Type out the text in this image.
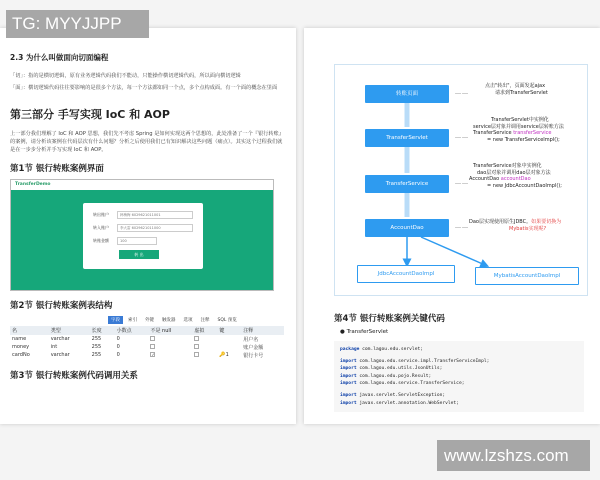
TG: MYYJJPP
www.lzshzs.com
2.3 为什么叫做面向切面编程
「切」：指的是横切逻辑，原有业务逻辑代码我们不能动，只能操作横切逻辑代码，所以面向横切逻辑
「面」：横切逻辑代码往往要影响的是很多个方法，每一个方法都如同一个点，多个点构成面。有一个面的概念在里面
第三部分 手写实现 IoC 和 AOP
上一部分我们理解了 IoC 和 AOP 思想，我们先不考虑 Spring 是如何实现这两个思想的，此处准备了一个『银行转账』的案例，请分析该案例在代码层次有什么问题？分析之后使用我们已有知识解决这些问题（痛点）。其实这个过程我们就是在一步步分析并手写实现 IoC 和 AOP。
第1节 银行转账案例界面
TransferDemo
转出账户	韩梅梅 6029621011001
转入账户	李大雷 6029621011000
转账金额	100
转 出
第2节 银行转账案例表结构
字段	索引	外键	触发器	选项	注释	SQL 预览
名	类型	长度	小数点	不是 null	虚拟	键	注释
name	varchar	255	0				用户名
money	int	255	0				账户金额
cardNo	varchar	255	0	✓		🔑1	银行卡号
第3节 银行转账案例代码调用关系
转账页面
TransferServlet
TransferService
AccountDao
JdbcAccountDaoImpl	MybatisAccountDaoImpl
……
……
……
……
点击"转出"，页面发起ajax
请求到TransferServlet
TransferServlet中实例化
service层对象并调用service层转账方法
TransferService transferService
= new TransferServiceImpl();
TransferService对象中实例化
dao层对象并调用dao层对象方法
AccountDao accountDao
= new JdbcAccountDaoImpl();
Dao层实现使用原生JDBC。如果要切换为
Mybatis实现呢?
第4节 银行转账案例关键代码
● TransferServlet
package com.lagou.edu.servlet;
import com.lagou.edu.service.impl.TransferServiceImpl;
import com.lagou.edu.utils.JsonUtils;
import com.lagou.edu.pojo.Result;
import com.lagou.edu.service.TransferService;
import javax.servlet.ServletException;
import javax.servlet.annotation.WebServlet;
